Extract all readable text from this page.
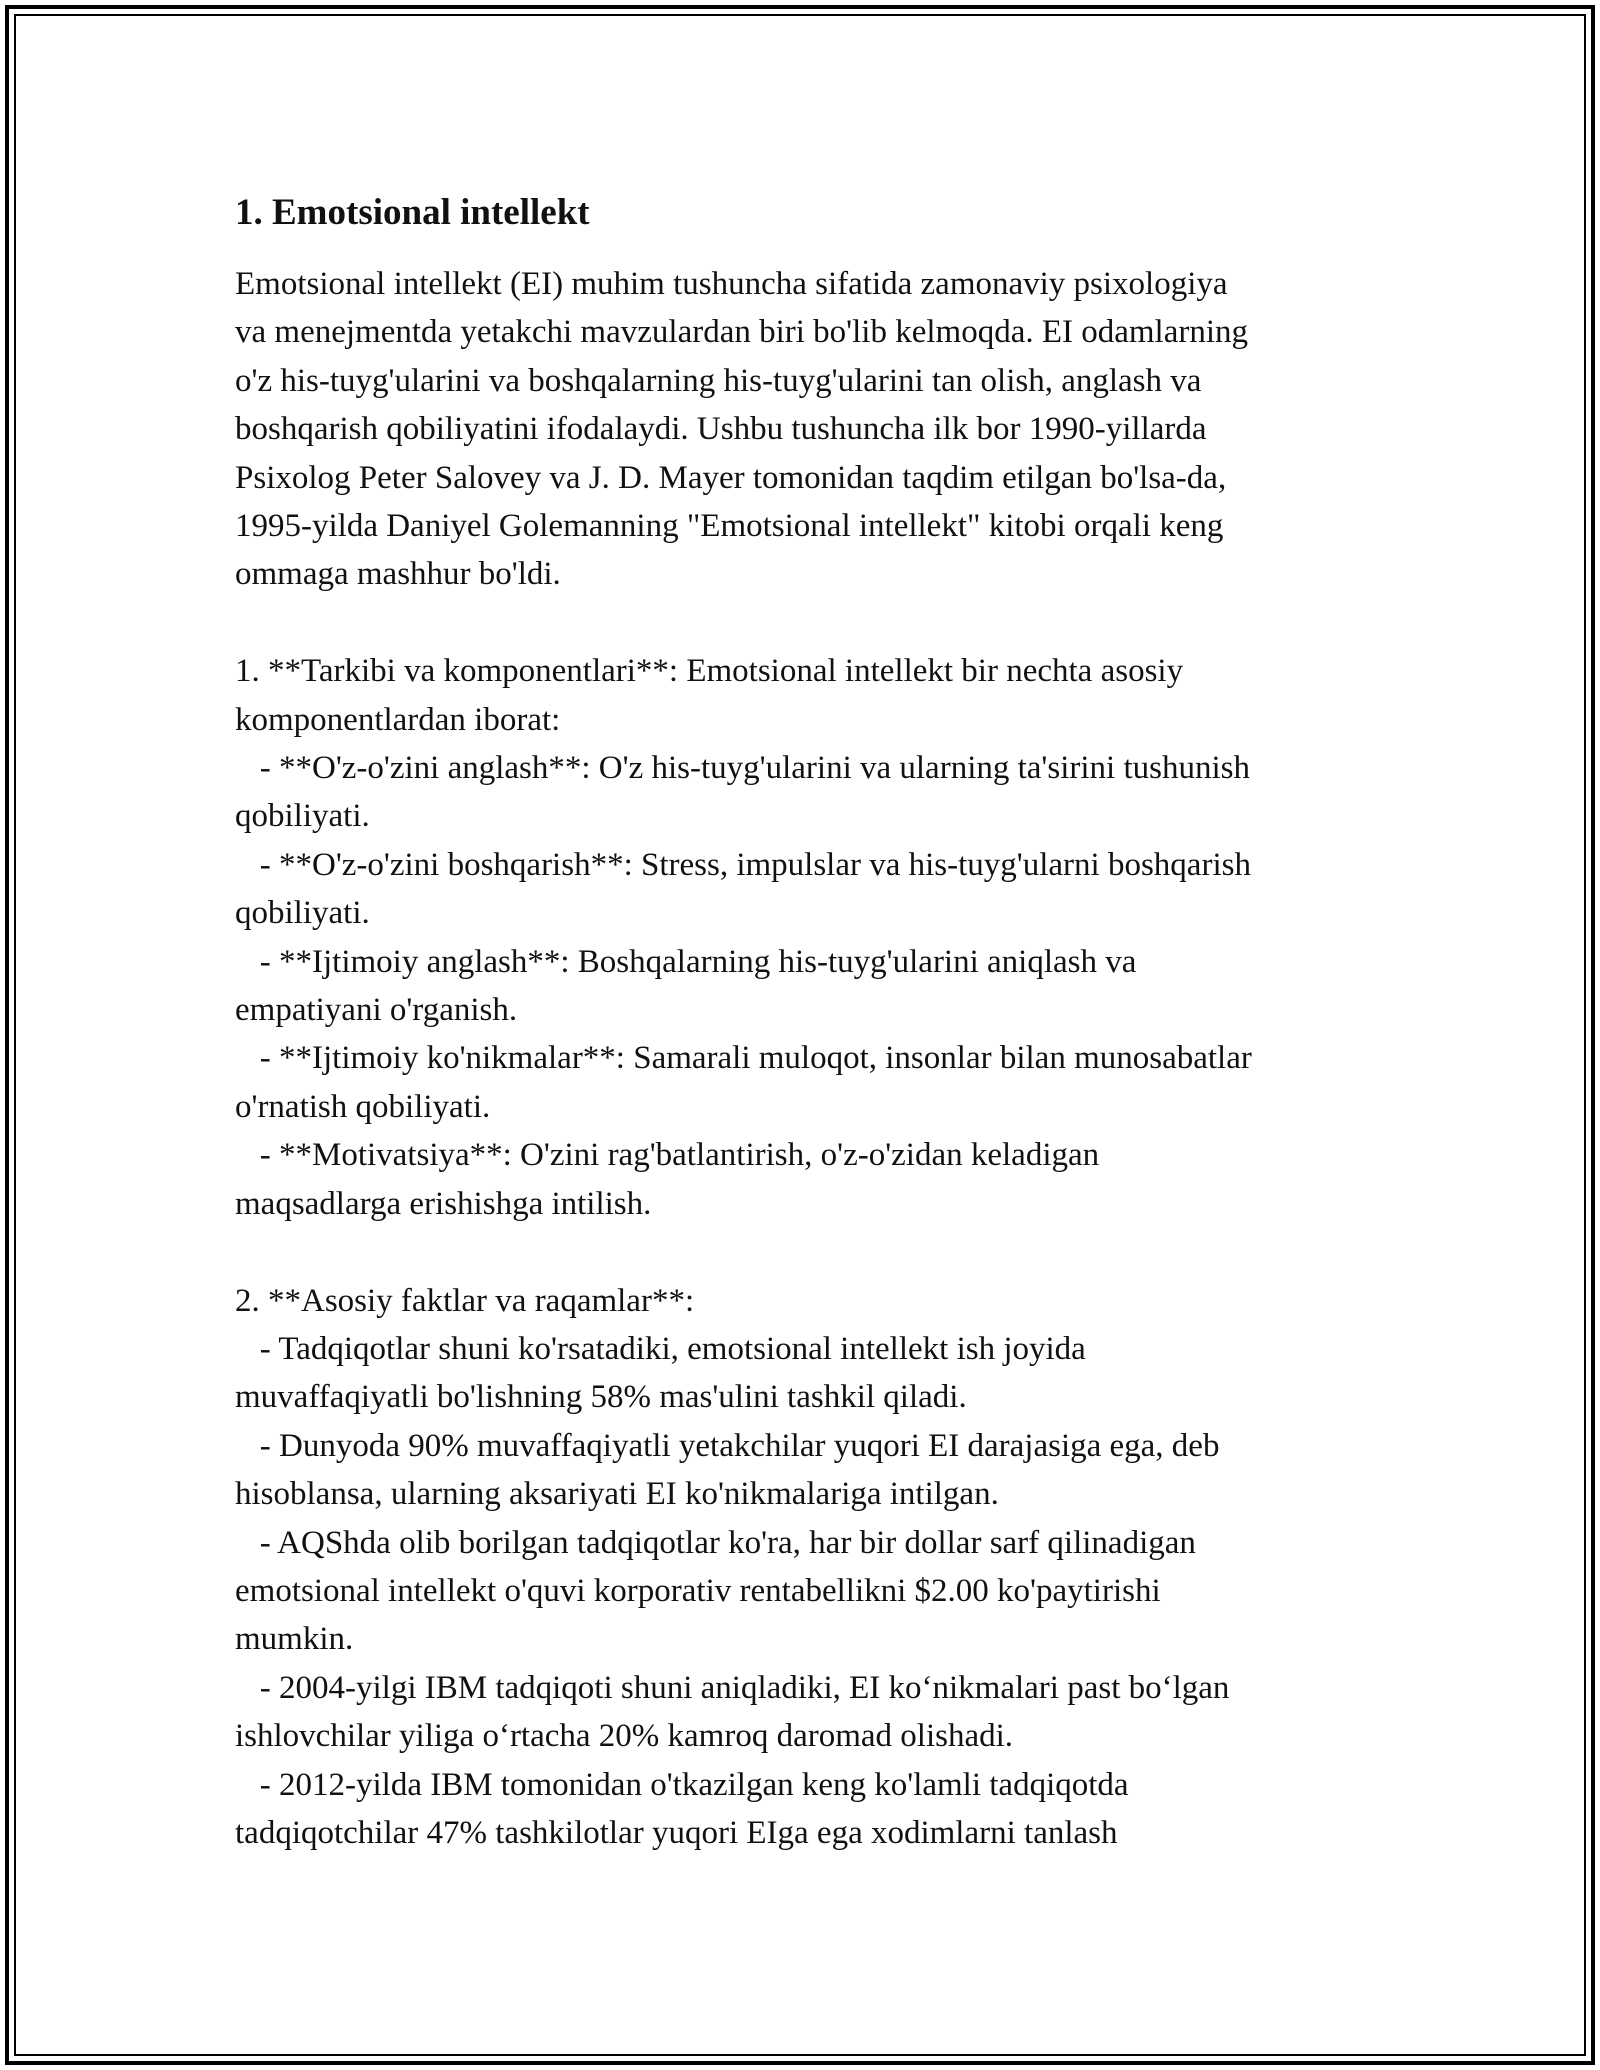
1. Emotsional intellekt
Emotsional intellekt (EI) muhim tushuncha sifatida zamonaviy psixologiya
va menejmentda yetakchi mavzulardan biri bo'lib kelmoqda. EI odamlarning
o'z his-tuyg'ularini va boshqalarning his-tuyg'ularini tan olish, anglash va
boshqarish qobiliyatini ifodalaydi. Ushbu tushuncha ilk bor 1990-yillarda
Psixolog Peter Salovey va J. D. Mayer tomonidan taqdim etilgan bo'lsa-da,
1995-yilda Daniyel Golemanning "Emotsional intellekt" kitobi orqali keng
ommaga mashhur bo'ldi.
1. **Tarkibi va komponentlari**: Emotsional intellekt bir nechta asosiy
komponentlardan iborat:
- **O'z-o'zini anglash**: O'z his-tuyg'ularini va ularning ta'sirini tushunish
qobiliyati.
- **O'z-o'zini boshqarish**: Stress, impulslar va his-tuyg'ularni boshqarish
qobiliyati.
- **Ijtimoiy anglash**: Boshqalarning his-tuyg'ularini aniqlash va
empatiyani o'rganish.
- **Ijtimoiy ko'nikmalar**: Samarali muloqot, insonlar bilan munosabatlar
o'rnatish qobiliyati.
- **Motivatsiya**: O'zini rag'batlantirish, o'z-o'zidan keladigan
maqsadlarga erishishga intilish.
2. **Asosiy faktlar va raqamlar**:
- Tadqiqotlar shuni ko'rsatadiki, emotsional intellekt ish joyida
muvaffaqiyatli bo'lishning 58% mas'ulini tashkil qiladi.
- Dunyoda 90% muvaffaqiyatli yetakchilar yuqori EI darajasiga ega, deb
hisoblansa, ularning aksariyati EI ko'nikmalariga intilgan.
- AQShda olib borilgan tadqiqotlar ko'ra, har bir dollar sarf qilinadigan
emotsional intellekt o'quvi korporativ rentabellikni $2.00 ko'paytirishi
mumkin.
- 2004-yilgi IBM tadqiqoti shuni aniqladiki, EI koʻnikmalari past boʻlgan
ishlovchilar yiliga oʻrtacha 20% kamroq daromad olishadi.
- 2012-yilda IBM tomonidan o'tkazilgan keng ko'lamli tadqiqotda
tadqiqotchilar 47% tashkilotlar yuqori EIga ega xodimlarni tanlash
